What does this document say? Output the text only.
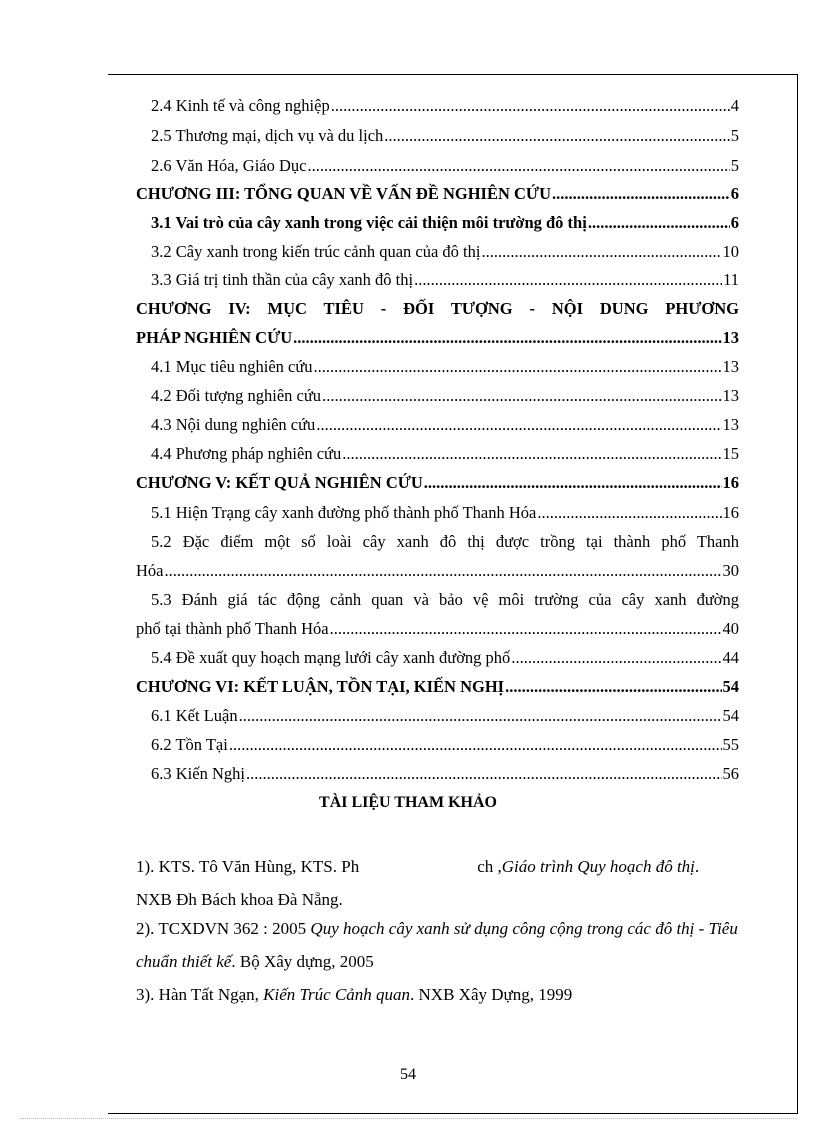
2.4 Kinh tế và công nghiệp .....	4
2.5 Thương mại, dịch vụ và du lịch .....	5
2.6 Văn Hóa, Giáo Dục .....	5
CHƯƠNG III: TỔNG QUAN VỀ VẤN ĐỀ NGHIÊN CỨU .....	6
3.1 Vai trò của cây xanh trong việc cải thiện môi trường đô thị .....	6
3.2 Cây xanh trong kiến trúc cảnh quan của đô thị .....	10
3.3 Giá trị tinh thần của cây xanh đô thị .....	11
CHƯƠNG IV: MỤC TIÊU - ĐỐI TƯỢNG - NỘI DUNG PHƯƠNG
PHÁP NGHIÊN CỨU .....	13
4.1 Mục tiêu nghiên cứu .....	13
4.2 Đối tượng nghiên cứu .....	13
4.3 Nội dung nghiên cứu .....	13
4.4 Phương pháp nghiên cứu .....	15
CHƯƠNG V: KẾT QUẢ NGHIÊN CỨU .....	16
5.1 Hiện Trạng cây xanh đường phố thành phố Thanh Hóa .....	16
5.2 Đặc điểm một số loài cây xanh đô thị được trồng tại thành phố Thanh
Hóa .....	30
5.3 Đánh giá tác động cảnh quan và bảo vệ môi trường của cây xanh đường
phố tại thành phố Thanh Hóa .....	40
5.4 Đề xuất quy hoạch mạng lưới cây xanh đường phố .....	44
CHƯƠNG VI: KẾT LUẬN, TỒN TẠI, KIẾN NGHỊ .....	54
6.1 Kết Luận .....	54
6.2 Tồn Tại .....	55
6.3 Kiến Nghị .....	56
TÀI LIỆU THAM KHẢO
1). KTS. Tô Văn Hùng, KTS. Ph	ch ,Giáo trình Quy hoạch đô thị. NXB Đh Bách khoa Đà Nẵng.
2). TCXDVN 362 : 2005 Quy hoạch cây xanh sử dụng công cộng trong các đô thị - Tiêu chuẩn thiết kế. Bộ Xây dựng, 2005
3). Hàn Tất Ngạn, Kiến Trúc Cảnh quan. NXB Xây Dựng, 1999
54
